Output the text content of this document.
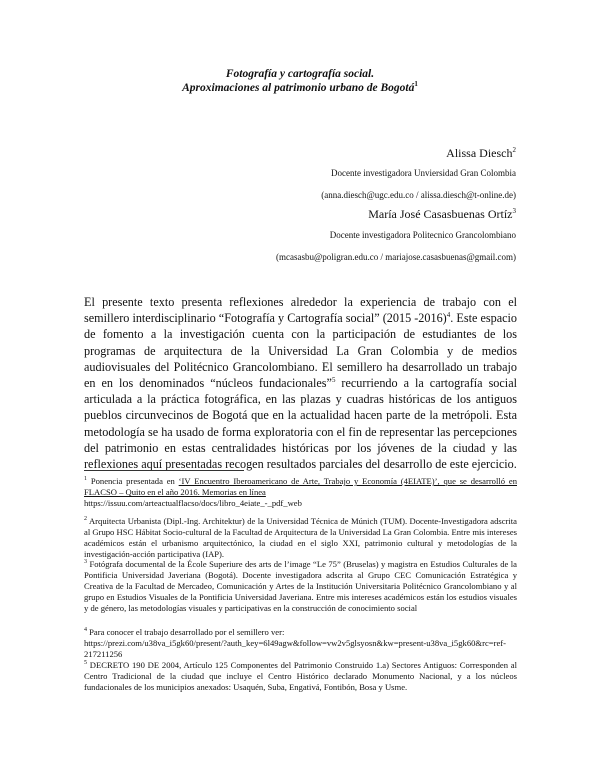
Fotografía y cartografía social.
Aproximaciones al patrimonio urbano de Bogotá$^1$
Alissa Diesch$^2$
Docente investigadora Unviersidad Gran Colombia
(anna.diesch@ugc.edu.co / alissa.diesch@t-online.de)
María José Casasbuenas Ortíz$^3$
Docente investigadora Politecnico Grancolombiano
(mcasasbu@poligran.edu.co / mariajose.casasbuenas@gmail.com)
El presente texto presenta reflexiones alrededor la experiencia de trabajo con el semillero interdisciplinario “Fotografía y Cartografía social” (2015 -2016)$^4$. Este espacio de fomento a la investigación cuenta con la participación de estudiantes de los programas de arquitectura de la Universidad La Gran Colombia y de medios audiovisuales del Politécnico Grancolombiano. El semillero ha desarrollado un trabajo en en los denominados “núcleos fundacionales”$^5$ recurriendo a la cartografía social articulada a la práctica fotográfica, en las plazas y cuadras históricas de los antiguos pueblos circunvecinos de Bogotá que en la actualidad hacen parte de la metrópoli. Esta metodología se ha usado de forma exploratoria con el fin de representar las percepciones del patrimonio en estas centralidades históricas por los jóvenes de la ciudad y las reflexiones aquí presentadas recogen resultados parciales del desarrollo de este ejercicio.
$^1$ Ponencia presentada en ‘IV Encuentro Iberoamericano de Arte, Trabajo y Economía (4EIATE)’, que se desarrolló en FLACSO – Quito en el año 2016. Memorias en línea
https://issuu.com/arteactualflacso/docs/libro_4eiate_-_pdf_web
$^2$ Arquitecta Urbanista (Dipl.-Ing. Architektur) de la Universidad Técnica de Múnich (TUM). Docente-Investigadora adscrita al Grupo HSC Hábitat Socio-cultural de la Facultad de Arquitectura de la Universidad La Gran Colombia. Entre mis intereses académicos están el urbanismo arquitectónico, la ciudad en el siglo XXI, patrimonio cultural y metodologías de la investigación-acción participativa (IAP).
$^3$ Fotógrafa documental de la École Superiure des arts de l’image “Le 75” (Bruselas) y magistra en Estudios Culturales de la Pontificia Universidad Javeriana (Bogotá). Docente investigadora adscrita al Grupo CEC Comunicación Estratégica y Creativa de la Facultad de Mercadeo, Comunicación y Artes de la Institución Universitaria Politécnico Grancolombiano y al grupo en Estudios Visuales de la Pontificia Universidad Javeriana. Entre mis intereses académicos están los estudios visuales y de género, las metodologías visuales y participativas en la construcción de conocimiento social
$^4$ Para conocer el trabajo desarrollado por el semillero ver:
https://prezi.com/u38va_i5gk60/present/?auth_key=6l49agw&follow=vw2v5glsyosn&kw=present-u38va_i5gk60&rc=ref-217211256
$^5$ DECRETO 190 DE 2004, Artículo 125 Componentes del Patrimonio Construido 1.a) Sectores Antiguos: Corresponden al Centro Tradicional de la ciudad que incluye el Centro Histórico declarado Monumento Nacional, y a los núcleos fundacionales de los municipios anexados: Usaquén, Suba, Engativá, Fontibón, Bosa y Usme.
